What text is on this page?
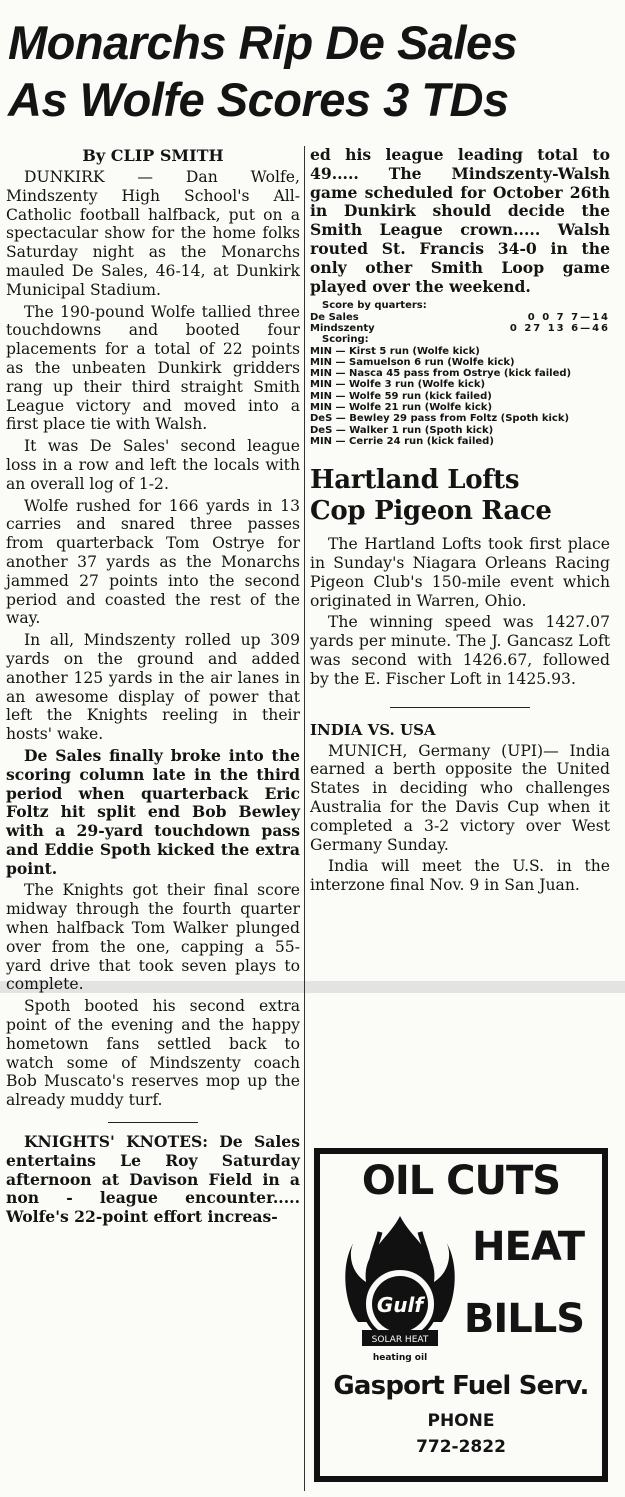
Monarchs Rip De Sales
As Wolfe Scores 3 TDs
By CLIP SMITH

DUNKIRK — Dan Wolfe, Mindszenty High School's All-Catholic football halfback, put on a spectacular show for the home folks Saturday night as the Monarchs mauled De Sales, 46-14, at Dunkirk Municipal Stadium.

The 190-pound Wolfe tallied three touchdowns and booted four placements for a total of 22 points as the unbeaten Dunkirk gridders rang up their third straight Smith League victory and moved into a first place tie with Walsh.

It was De Sales' second league loss in a row and left the locals with an overall log of 1-2.

Wolfe rushed for 166 yards in 13 carries and snared three passes from quarterback Tom Ostrye for another 37 yards as the Monarchs jammed 27 points into the second period and coasted the rest of the way.

In all, Mindszenty rolled up 309 yards on the ground and added another 125 yards in the air lanes in an awesome display of power that left the Knights reeling in their hosts' wake.

De Sales finally broke into the scoring column late in the third period when quarterback Eric Foltz hit split end Bob Bewley with a 29-yard touchdown pass and Eddie Spoth kicked the extra point.

The Knights got their final score midway through the fourth quarter when halfback Tom Walker plunged over from the one, capping a 55-yard drive that took seven plays to complete.

Spoth booted his second extra point of the evening and the happy hometown fans settled back to watch some of Mindszenty coach Bob Muscato's reserves mop up the already muddy turf.

KNIGHTS' KNOTES: De Sales entertains Le Roy Saturday afternoon at Davison Field in a non - league encounter..... Wolfe's 22-point effort increas-

ed his league leading total to 49..... The Mindszenty-Walsh game scheduled for October 26th in Dunkirk should decide the Smith League crown..... Walsh routed St. Francis 34-0 in the only other Smith Loop game played over the weekend.

Score by quarters:
De Sales	0 0 7 7—14
Mindszenty	0 27 13 6—46
Scoring:
MIN — Kirst 5 run (Wolfe kick)
MIN — Samuelson 6 run (Wolfe kick)
MIN — Nasca 45 pass from Ostrye (kick failed)
MIN — Wolfe 3 run (Wolfe kick)
MIN — Wolfe 59 run (kick failed)
MIN — Wolfe 21 run (Wolfe kick)
DeS — Bewley 29 pass from Foltz (Spoth kick)
DeS — Walker 1 run (Spoth kick)
MIN — Cerrie 24 run (kick failed)
Hartland Lofts
Cop Pigeon Race

The Hartland Lofts took first place in Sunday's Niagara Orleans Racing Pigeon Club's 150-mile event which originated in Warren, Ohio.

The winning speed was 1427.07 yards per minute. The J. Gancasz Loft was second with 1426.67, followed by the E. Fischer Loft in 1425.93.

INDIA VS. USA

MUNICH, Germany (UPI)— India earned a berth opposite the United States in deciding who challenges Australia for the Davis Cup when it completed a 3-2 victory over West Germany Sunday.

India will meet the U.S. in the interzone final Nov. 9 in San Juan.

OIL CUTS
Gulf
SOLAR HEAT
heating oil
HEAT
BILLS
Gasport Fuel Serv.
PHONE
772-2822
